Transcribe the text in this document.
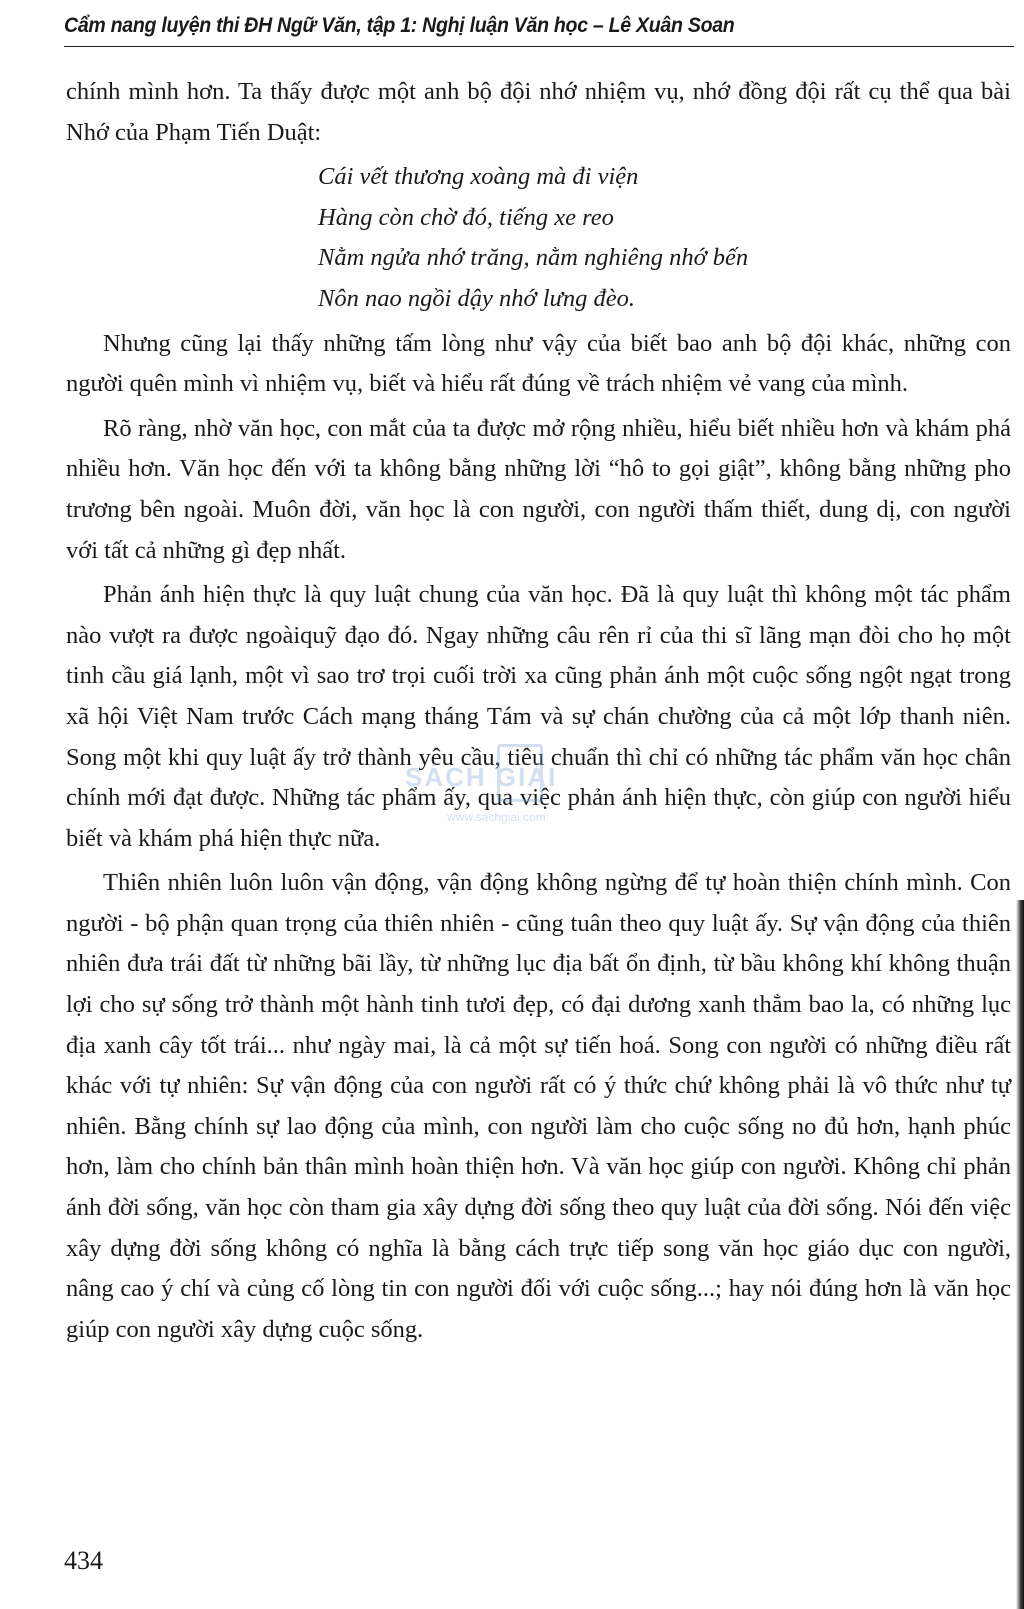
Cẩm nang luyện thi ĐH Ngữ Văn, tập 1: Nghị luận Văn học – Lê Xuân Soan

chính mình hơn. Ta thấy được một anh bộ đội nhớ nhiệm vụ, nhớ đồng đội rất cụ thể qua bài Nhớ của Phạm Tiến Duật:

Cái vết thương xoàng mà đi viện
Hàng còn chờ đó, tiếng xe reo
Nằm ngửa nhớ trăng, nằm nghiêng nhớ bến
Nôn nao ngồi dậy nhớ lưng đèo.

Nhưng cũng lại thấy những tấm lòng như vậy của biết bao anh bộ đội khác, những con người quên mình vì nhiệm vụ, biết và hiểu rất đúng về trách nhiệm vẻ vang của mình.

Rõ ràng, nhờ văn học, con mắt của ta được mở rộng nhiều, hiểu biết nhiều hơn và khám phá nhiều hơn. Văn học đến với ta không bằng những lời “hô to gọi giật”, không bằng những pho trương bên ngoài. Muôn đời, văn học là con người, con người thấm thiết, dung dị, con người với tất cả những gì đẹp nhất.

Phản ánh hiện thực là quy luật chung của văn học. Đã là quy luật thì không một tác phẩm nào vượt ra được ngoàiquỹ đạo đó. Ngay những câu rên rỉ của thi sĩ lãng mạn đòi cho họ một tinh cầu giá lạnh, một vì sao trơ trọi cuối trời xa cũng phản ánh một cuộc sống ngột ngạt trong xã hội Việt Nam trước Cách mạng tháng Tám và sự chán chường của cả một lớp thanh niên. Song một khi quy luật ấy trở thành yêu cầu, tiêu chuẩn thì chỉ có những tác phẩm văn học chân chính mới đạt được. Những tác phẩm ấy, qua việc phản ánh hiện thực, còn giúp con người hiểu biết và khám phá hiện thực nữa.

Thiên nhiên luôn luôn vận động, vận động không ngừng để tự hoàn thiện chính mình. Con người - bộ phận quan trọng của thiên nhiên - cũng tuân theo quy luật ấy. Sự vận động của thiên nhiên đưa trái đất từ những bãi lầy, từ những lục địa bất ổn định, từ bầu không khí không thuận lợi cho sự sống trở thành một hành tinh tươi đẹp, có đại dương xanh thẳm bao la, có những lục địa xanh cây tốt trái... như ngày mai, là cả một sự tiến hoá. Song con người có những điều rất khác với tự nhiên: Sự vận động của con người rất có ý thức chứ không phải là vô thức như tự nhiên. Bằng chính sự lao động của mình, con người làm cho cuộc sống no đủ hơn, hạnh phúc hơn, làm cho chính bản thân mình hoàn thiện hơn. Và văn học giúp con người. Không chỉ phản ánh đời sống, văn học còn tham gia xây dựng đời sống theo quy luật của đời sống. Nói đến việc xây dựng đời sống không có nghĩa là bằng cách trực tiếp song văn học giáo dục con người, nâng cao ý chí và củng cố lòng tin con người đối với cuộc sống...; hay nói đúng hơn là văn học giúp con người xây dựng cuộc sống.

SÁCH GIẢI
www.sachgiai.com
434
